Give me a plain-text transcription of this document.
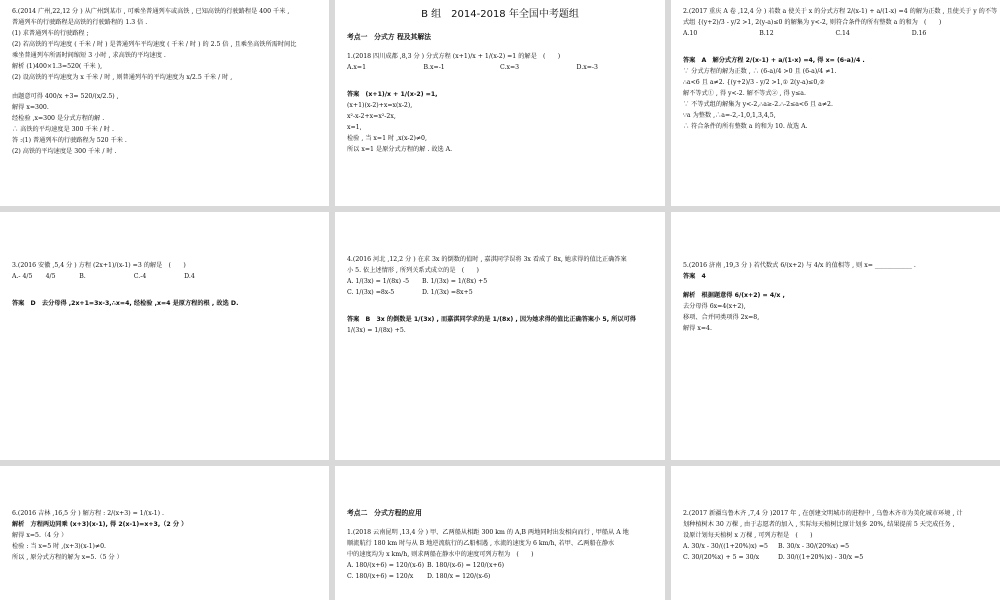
6.(2014 广州,22,12 分 ) 从广州到某市 , 可乘坐普通列车或高铁 , 已知高铁的行驶路程是 400 千米 ,
普通列车的行驶路程是高铁的行驶路程的 1.3 倍 .
(1) 求普通列车的行驶路程 ;
(2) 若高铁的平均速度 ( 千米 / 时 ) 是普通列车平均速度 ( 千米 / 时 ) 的 2.5 倍 , 且乘坐高铁所需时间比
乘坐普通列车所需时间缩短 3 小时 , 求高铁的平均速度 .
解析 (1)400×1.3=520( 千米 ),
(2) 设高铁的平均速度为 x 千米 / 时 , 则普通列车的平均速度为 x/2.5 千米 / 时 ,
由题意可得 400/x +3= 520/(x/2.5) ,
解得 x=300.
经检验 ,x=300 是分式方程的解 .
∴ 高铁的平均速度是 300 千米 / 时 .
答 :(1) 普通列车的行驶路程为 520 千米 .
(2) 高铁的平均速度是 300 千米 / 时 .
B 组　2014-2018 年全国中考题组
考点一　分式方 程及其解法
1.(2018 四川成都 ,8,3 分 ) 分式方程 (x+1)/x + 1/(x-2) =1 的解是　(　　)
A.x=1	B.x=-1	C.x=3	D.x=-3
答案　(x+1)/x + 1/(x-2) =1,
(x+1)(x-2)+x=x(x-2),
x²-x-2+x=x²-2x,
x=1,
检验 , 当 x=1 时 ,x(x-2)≠0,
所以 x=1 是原分式方程的解 . 故选 A.
2.(2017 重庆 A 卷 ,12,4 分 ) 若数 a 使关于 x 的分式方程 2/(x-1) + a/(1-x) =4 的解为正数 , 且使关于 y 的不等
式组 {(y+2)/3 - y/2 >1, 2(y-a)≤0 的解集为 y<-2, 则符合条件的所有整数 a 的和为　(　　)
A.10	B.12	C.14	D.16
答案　A　解分式方程 2/(x-1) + a/(1-x) =4, 得 x= (6-a)/4 .
∵ 分式方程的解为正数 , ∴ (6-a)/4 >0 且 (6-a)/4 ≠1.
∴a<6 且 a≠2. {(y+2)/3 - y/2 >1,① 2(y-a)≤0,②
解不等式① , 得 y<-2. 解不等式② , 得 y≤a.
∵ 不等式组的解集为 y<-2,∴a≥-2.∴-2≤a<6 且 a≠2.
∵a 为整数 ,∴a=-2,-1,0,1,3,4,5,
∴ 符合条件的所有整数 a 的和为 10. 故选 A.
3.(2016 安徽 ,5,4 分 ) 方程 (2x+1)/(x-1) =3 的解是　(　　)
A.- 4/5	4/5	B.	C.-4	D.4
答案　D　去分母得 ,2x+1=3x-3,∴x=4, 经检验 ,x=4 是原方程的根 , 故选 D.
4.(2016 河北 ,12,2 分 ) 在求 3x 的倒数的值时 , 嘉淇同学误将 3x 看成了 8x, 她求得的值比正确答案
小 5. 依上述情形 , 所列关系式成立的是　(　　)
A. 1/(3x) = 1/(8x) -5	B. 1/(3x) = 1/(8x) +5
C. 1/(3x) =8x-5	D. 1/(3x) =8x+5
答案　B　3x 的倒数是 1/(3x) , 而嘉淇同学求的是 1/(8x) , 因为她求得的值比正确答案小 5, 所以可得
1/(3x) = 1/(8x) +5.
5.(2016 济南 ,19,3 分 ) 若代数式 6/(x+2) 与 4/x 的值相等 , 则 x= ____________ .
答案　4
解析　根据题意得 6/(x+2) = 4/x ,
去分母得 6x=4(x+2),
移项、合并同类项得 2x=8,
解得 x=4.
6.(2016 吉林 ,16,5 分 ) 解方程 : 2/(x+3) = 1/(x-1) .
解析　方程两边同乘 (x+3)(x-1), 得 2(x-1)=x+3,（2 分 ）
解得 x=5.（4 分 ）
检验 : 当 x=5 时 ,(x+3)(x-1)≠0.
所以 , 原分式方程的解为 x=5.（5 分 ）
考点二　分式方程的应用
1.(2018 云南昆明 ,13,4 分 ) 甲、乙两船从相距 300 km 的 A,B 两地同时出发相向而行 , 甲船从 A 地
顺流航行 180 km 时与从 B 地逆流航行的乙船相遇 , 水流的速度为 6 km/h, 若甲、乙两船在静水
中的速度均为 x km/h, 则求两船在静水中的速度可列方程为　(　　)
A. 180/(x+6) = 120/(x-6) B. 180/(x-6) = 120/(x+6)
C. 180/(x+6) = 120/x	D. 180/x = 120/(x-6)
2.(2017 新疆乌鲁木齐 ,7,4 分 )2017 年 , 在创建文明城市的进程中 , 乌鲁木齐市为美化城市环境 , 计
划种植树木 30 万棵 , 由于志愿者的加入 , 实际每天植树比原计划多 20%, 结果提前 5 天完成任务 ,
设原计划每天植树 x 万棵 , 可列方程是　(　　)
A. 30/x - 30/((1+20%)x) =5	B. 30/x - 30/(20%x) =5
C. 30/(20%x) + 5 = 30/x	D. 30/((1+20%)x) - 30/x =5
